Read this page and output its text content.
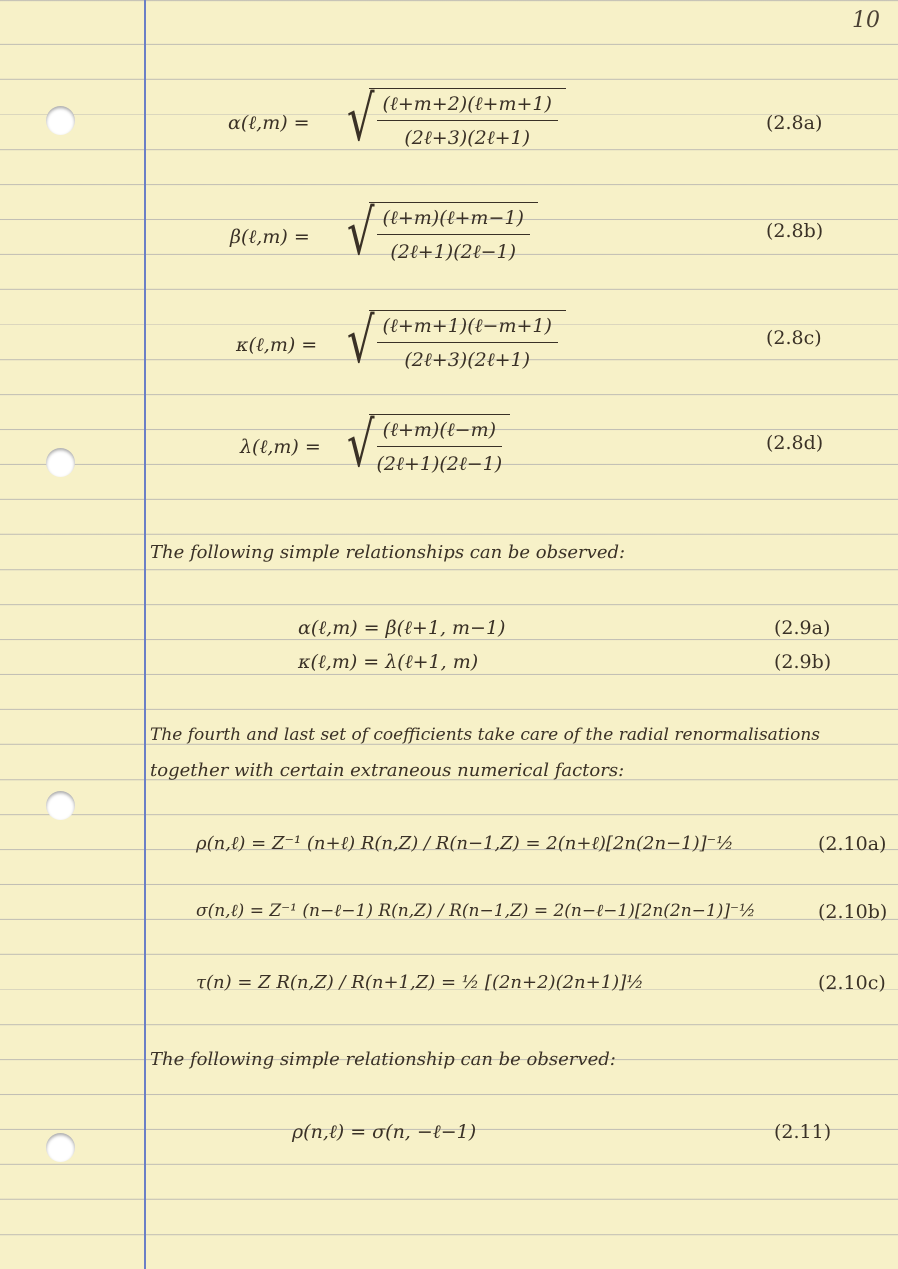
10
α(ℓ,m) = √ $\frac{\text{(ℓ+m+2)(ℓ+m+1)}}{\text{(2ℓ+3)(2ℓ+1)}}$	(2.8a)
β(ℓ,m) = √ $\frac{\text{(ℓ+m)(ℓ+m−1)}}{\text{(2ℓ+1)(2ℓ−1)}}$	(2.8b)
κ(ℓ,m) = √ $\frac{\text{(ℓ+m+1)(ℓ−m+1)}}{\text{(2ℓ+3)(2ℓ+1)}}$	(2.8c)
λ(ℓ,m) = √ $\frac{\text{(ℓ+m)(ℓ−m)}}{\text{(2ℓ+1)(2ℓ−1)}}$	(2.8d)
The following simple relationships can be observed:
α(ℓ,m) = β(ℓ+1, m−1)	(2.9a)
κ(ℓ,m) = λ(ℓ+1, m)	(2.9b)
The fourth and last set of coefficients take care of the radial renormalisations
together with certain extraneous numerical factors:
ρ(n,ℓ) = Z⁻¹ (n+ℓ) R(n,Z) / R(n−1,Z) = 2(n+ℓ)[2n(2n−1)]⁻½	(2.10a)
σ(n,ℓ) = Z⁻¹ (n−ℓ−1) R(n,Z) / R(n−1,Z) = 2(n−ℓ−1)[2n(2n−1)]⁻½	(2.10b)
τ(n) = Z R(n,Z) / R(n+1,Z) = ½ [(2n+2)(2n+1)]½	(2.10c)
The following simple relationship can be observed:
ρ(n,ℓ) = σ(n, −ℓ−1)	(2.11)
